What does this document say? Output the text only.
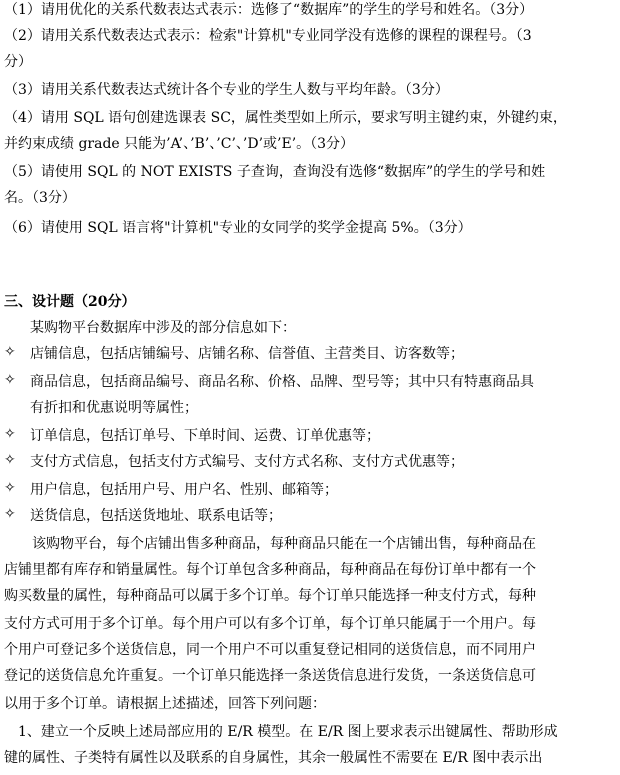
（1）请用优化的关系代数表达式表示：选修了“数据库”的学生的学号和姓名。（3分）
（2）请用关系代数表达式表示：检索"计算机"专业同学没有选修的课程的课程号。（3
分）
（3）请用关系代数表达式统计各个专业的学生人数与平均年龄。（3分）
（4）请用 SQL 语句创建选课表 SC，属性类型如上所示，要求写明主键约束，外键约束，
并约束成绩 grade 只能为’A’、’B’、’C’、’D’或’E’。（3分）
（5）请使用 SQL 的 NOT EXISTS 子查询，查询没有选修“数据库”的学生的学号和姓
名。（3分）
（6）请使用 SQL 语言将"计算机"专业的女同学的奖学金提高 5%。（3分）
三、设计题（20分）
某购物平台数据库中涉及的部分信息如下：
✧ 店铺信息，包括店铺编号、店铺名称、信誉值、主营类目、访客数等；
✧ 商品信息，包括商品编号、商品名称、价格、品牌、型号等；其中只有特惠商品具
有折扣和优惠说明等属性；
✧ 订单信息，包括订单号、下单时间、运费、订单优惠等；
✧ 支付方式信息，包括支付方式编号、支付方式名称、支付方式优惠等；
✧ 用户信息，包括用户号、用户名、性别、邮箱等；
✧ 送货信息，包括送货地址、联系电话等；
该购物平台，每个店铺出售多种商品，每种商品只能在一个店铺出售，每种商品在
店铺里都有库存和销量属性。每个订单包含多种商品，每种商品在每份订单中都有一个
购买数量的属性，每种商品可以属于多个订单。每个订单只能选择一种支付方式，每种
支付方式可用于多个订单。每个用户可以有多个订单，每个订单只能属于一个用户。每
个用户可登记多个送货信息，同一个用户不可以重复登记相同的送货信息，而不同用户
登记的送货信息允许重复。一个订单只能选择一条送货信息进行发货，一条送货信息可
以用于多个订单。请根据上述描述，回答下列问题：
1、建立一个反映上述局部应用的 E/R 模型。在 E/R 图上要求表示出键属性、帮助形成
键的属性、子类特有属性以及联系的自身属性，其余一般属性不需要在 E/R 图中表示出
